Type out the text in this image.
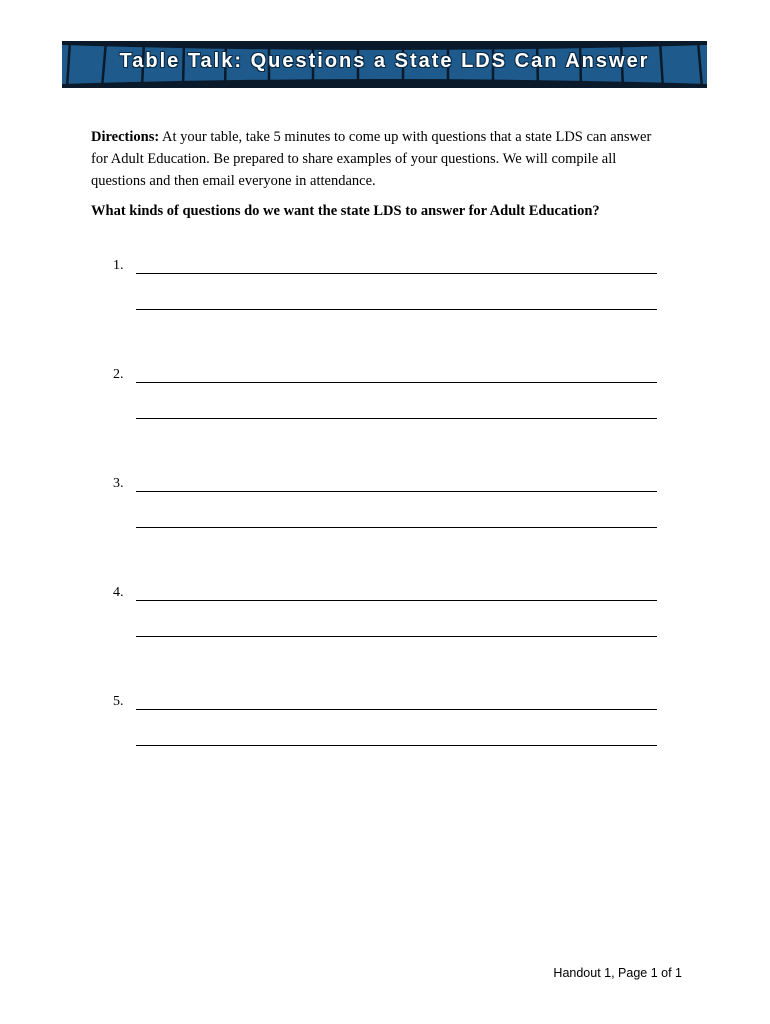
Table Talk: Questions a State LDS Can Answer
Directions: At your table, take 5 minutes to come up with questions that a state LDS can answer for Adult Education. Be prepared to share examples of your questions. We will compile all questions and then email everyone in attendance.
What kinds of questions do we want the state LDS to answer for Adult Education?
1.
2.
3.
4.
5.
Handout 1, Page 1 of 1
